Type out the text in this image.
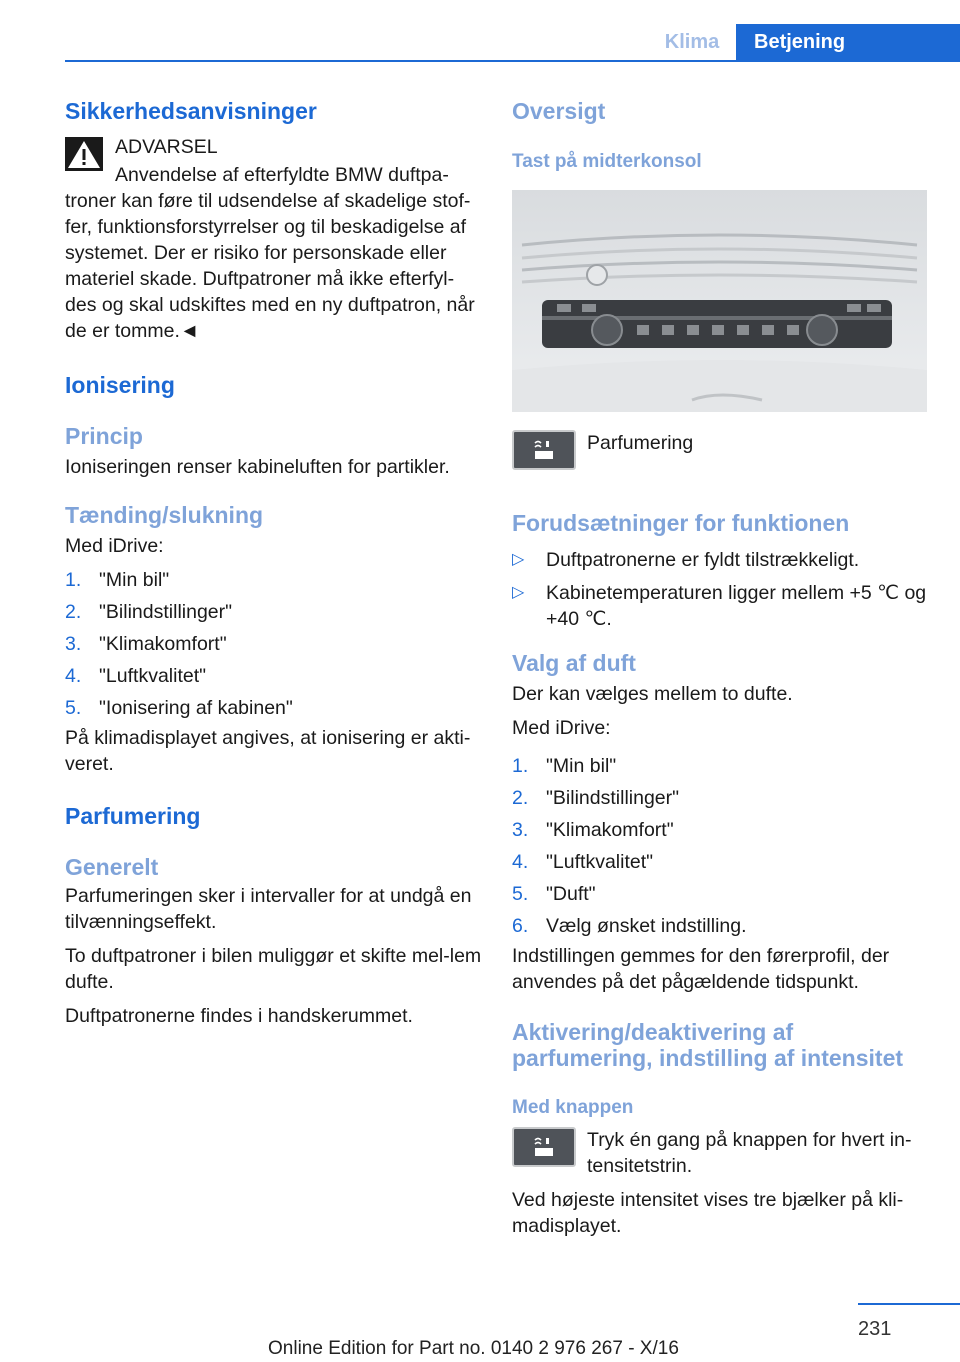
Klima	Betjening
Sikkerhedsanvisninger

ADVARSEL

Anvendelse af efterfyldte BMW duftpa-troner kan føre til udsendelse af skadelige stof-fer, funktionsforstyrrelser og til beskadigelse af systemet. Der er risiko for personskade eller materiel skade. Duftpatroner må ikke efterfyl-des og skal udskiftes med en ny duftpatron, når de er tomme.◄

Ionisering
Princip

Ioniseringen renser kabineluften for partikler.

Tænding/slukning

Med iDrive:

1. "Min bil"
2. "Bilindstillinger"
3. "Klimakomfort"
4. "Luftkvalitet"
5. "Ionisering af kabinen"

På klimadisplayet angives, at ionisering er akti-veret.

Parfumering
Generelt

Parfumeringen sker i intervaller for at undgå en tilvænningseffekt.

To duftpatroner i bilen muliggør et skifte mel-lem dufte.

Duftpatronerne findes i handskerummet.

Oversigt
Tast på midterkonsol
Parfumering
Forudsætninger for funktionen
▷	Duftpatronerne er fyldt tilstrækkeligt.
▷	Kabinetemperaturen ligger mellem +5 ℃ og +40 ℃.
Valg af duft

Der kan vælges mellem to dufte.

Med iDrive:

1. "Min bil"
2. "Bilindstillinger"
3. "Klimakomfort"
4. "Luftkvalitet"
5. "Duft"
6. Vælg ønsket indstilling.

Indstillingen gemmes for den førerprofil, der anvendes på det pågældende tidspunkt.

Aktivering/deaktivering af parfumering, indstilling af intensitet
Med knappen
Tryk én gang på knappen for hvert in-tensitetstrin.

Ved højeste intensitet vises tre bjælker på kli-madisplayet.

231
Online Edition for Part no. 0140 2 976 267 - X/16
